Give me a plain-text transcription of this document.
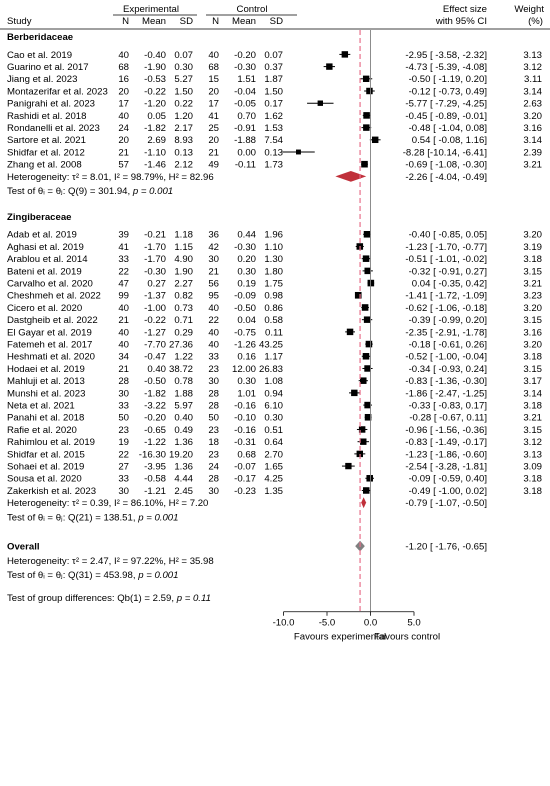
Experimental	Control	Effect size
with 95% CI
Weight
(%)
Study	N Mean SD N Mean SD
Berberidaceae
Cao et al. 2019	40 -0.40 0.07 40 -0.20 0.07	-2.95 [ -3.58, -2.32]	3.13
Guarino et al. 2017	68 -1.90 0.30 68 -0.30 0.37	-4.73 [ -5.39, -4.08]	3.12
Jiang et al. 2023	16 -0.53 5.27 15 1.51 1.87	-0.50 [ -1.19, 0.20]	3.11
Montazerifar et al. 2023 20 -0.22 1.50 20 -0.04 1.50	-0.12 [ -0.73, 0.49]	3.14
Panigrahi et al. 2023 17 -1.20 0.22 17 -0.05 0.17	-5.77 [ -7.29, -4.25]	2.63
Rashidi et al. 2018	40 0.05 1.20 41 0.70 1.62	-0.45 [ -0.89, -0.01]	3.20
Rondanelli et al. 2023 24 -1.82 2.17 25 -0.91 1.53	-0.48 [ -1.04, 0.08]	3.16
Sartore et al. 2021	20 2.69 8.93 20 -1.88 7.54	0.54 [ -0.08, 1.16]	3.14
Shidfar et al. 2012	21 -1.10 0.13 21 0.00 0.13	-8.28 [-10.14, -6.41]	2.39
Zhang et al. 2008	57 -1.46 2.12 49 -0.11 1.73	-0.69 [ -1.08, -0.30]	3.21
Heterogeneity: τ² = 8.01, I² = 98.79%, H² = 82.96	-2.26 [ -4.04, -0.49]
Test of θᵢ = θⱼ: Q(9) = 301.94, p = 0.001
Zingiberaceae
Adab et al. 2019	39 -0.21 1.18 36 0.44 1.96	-0.40 [ -0.85, 0.05]	3.20
Aghasi et al. 2019	41 -1.70 1.15 42 -0.30 1.10	-1.23 [ -1.70, -0.77]	3.19
Arablou et al. 2014	33 -1.70 4.90 30 0.20 1.30	-0.51 [ -1.01, -0.02]	3.18
Bateni et al. 2019	22 -0.30 1.90 21 0.30 1.80	-0.32 [ -0.91, 0.27]	3.15
Carvalho et al. 2020	47 0.27 2.27 56 0.19 1.75	0.04 [ -0.35, 0.42]	3.21
Cheshmeh et al. 2022 99 -1.37 0.82 95 -0.09 0.98	-1.41 [ -1.72, -1.09]	3.23
Cicero et al. 2020	40 -1.00 0.73 40 -0.50 0.86	-0.62 [ -1.06, -0.18]	3.20
Dastgheib et al. 2022 21 -0.22 0.71 22 0.04 0.58	-0.39 [ -0.99, 0.20]	3.15
El Gayar et al. 2019	40 -1.27 0.29 40 -0.75 0.11	-2.35 [ -2.91, -1.78]	3.16
Fatemeh et al. 2017	40 -7.70 27.36 40 -1.26 43.25	-0.18 [ -0.61, 0.26]	3.20
Heshmati et al. 2020 34 -0.47 1.22 33 0.16 1.17	-0.52 [ -1.00, -0.04]	3.18
Hodaei et al. 2019	21 0.40 38.72 23 12.00 26.83	-0.34 [ -0.93, 0.24]	3.15
Mahluji et al. 2013	28 -0.50 0.78 30 0.30 1.08	-0.83 [ -1.36, -0.30]	3.17
Munshi et al. 2023	30 -1.82 1.88 28 1.01 0.94	-1.86 [ -2.47, -1.25]	3.14
Neta et al. 2021	33 -3.22 5.97 28 -0.16 6.10	-0.33 [ -0.83, 0.17]	3.18
Panahi et al. 2018	50 -0.20 0.40 50 -0.10 0.30	-0.28 [ -0.67, 0.11]	3.21
Rafie et al. 2020	23 -0.65 0.49 23 -0.16 0.51	-0.96 [ -1.56, -0.36]	3.15
Rahimlou et al. 2019 19 -1.22 1.36 18 -0.31 0.64	-0.83 [ -1.49, -0.17]	3.12
Shidfar et al. 2015	22 -16.30 19.20 23 0.68 2.70	-1.23 [ -1.86, -0.60]	3.13
Sohaei et al. 2019	27 -3.95 1.36 24 -0.07 1.65	-2.54 [ -3.28, -1.81]	3.09
Sousa et al. 2020	33 -0.58 4.44 28 -0.17 4.25	-0.09 [ -0.59, 0.40]	3.18
Zakerkish et al. 2023 30 -1.21 2.45 30 -0.23 1.35	-0.49 [ -1.00, 0.02]	3.18
Heterogeneity: τ² = 0.39, I² = 86.10%, H² = 7.20	-0.79 [ -1.07, -0.50]
Test of θᵢ = θⱼ: Q(21) = 138.51, p = 0.001
Overall	-1.20 [ -1.76, -0.65]
Heterogeneity: τ² = 2.47, I² = 97.22%, H² = 35.98
Test of θᵢ = θⱼ: Q(31) = 453.98, p = 0.001
Test of group differences: Qb(1) = 2.59, p = 0.11
-10.0	-5.0	0.0	5.0
Favours experimental
Favours control
